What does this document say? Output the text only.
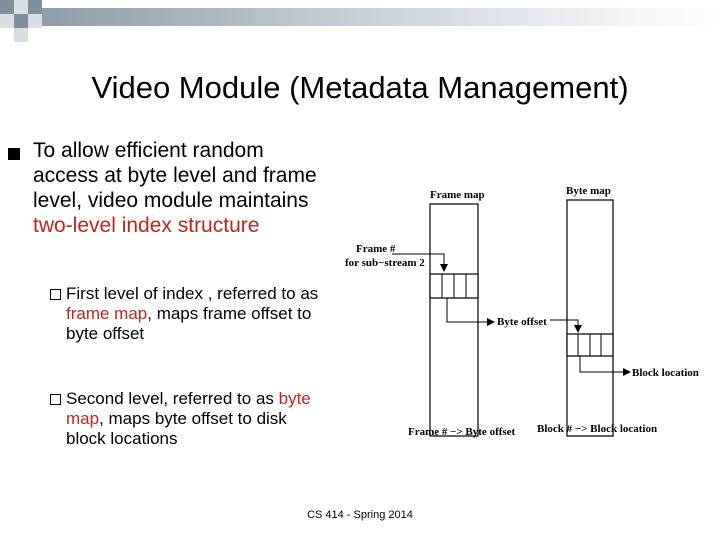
Video Module (Metadata Management)
To allow efficient random access at byte level and frame level, video module maintains two-level index structure
First level of index , referred to as frame map, maps frame offset to byte offset
Second level, referred to as byte map, maps byte offset to disk block locations
Frame map	Byte map
Frame #
for sub−stream 2
Byte offset
Block location
Frame # −> Byte offset Block # −> Block location
CS 414 - Spring 2014
